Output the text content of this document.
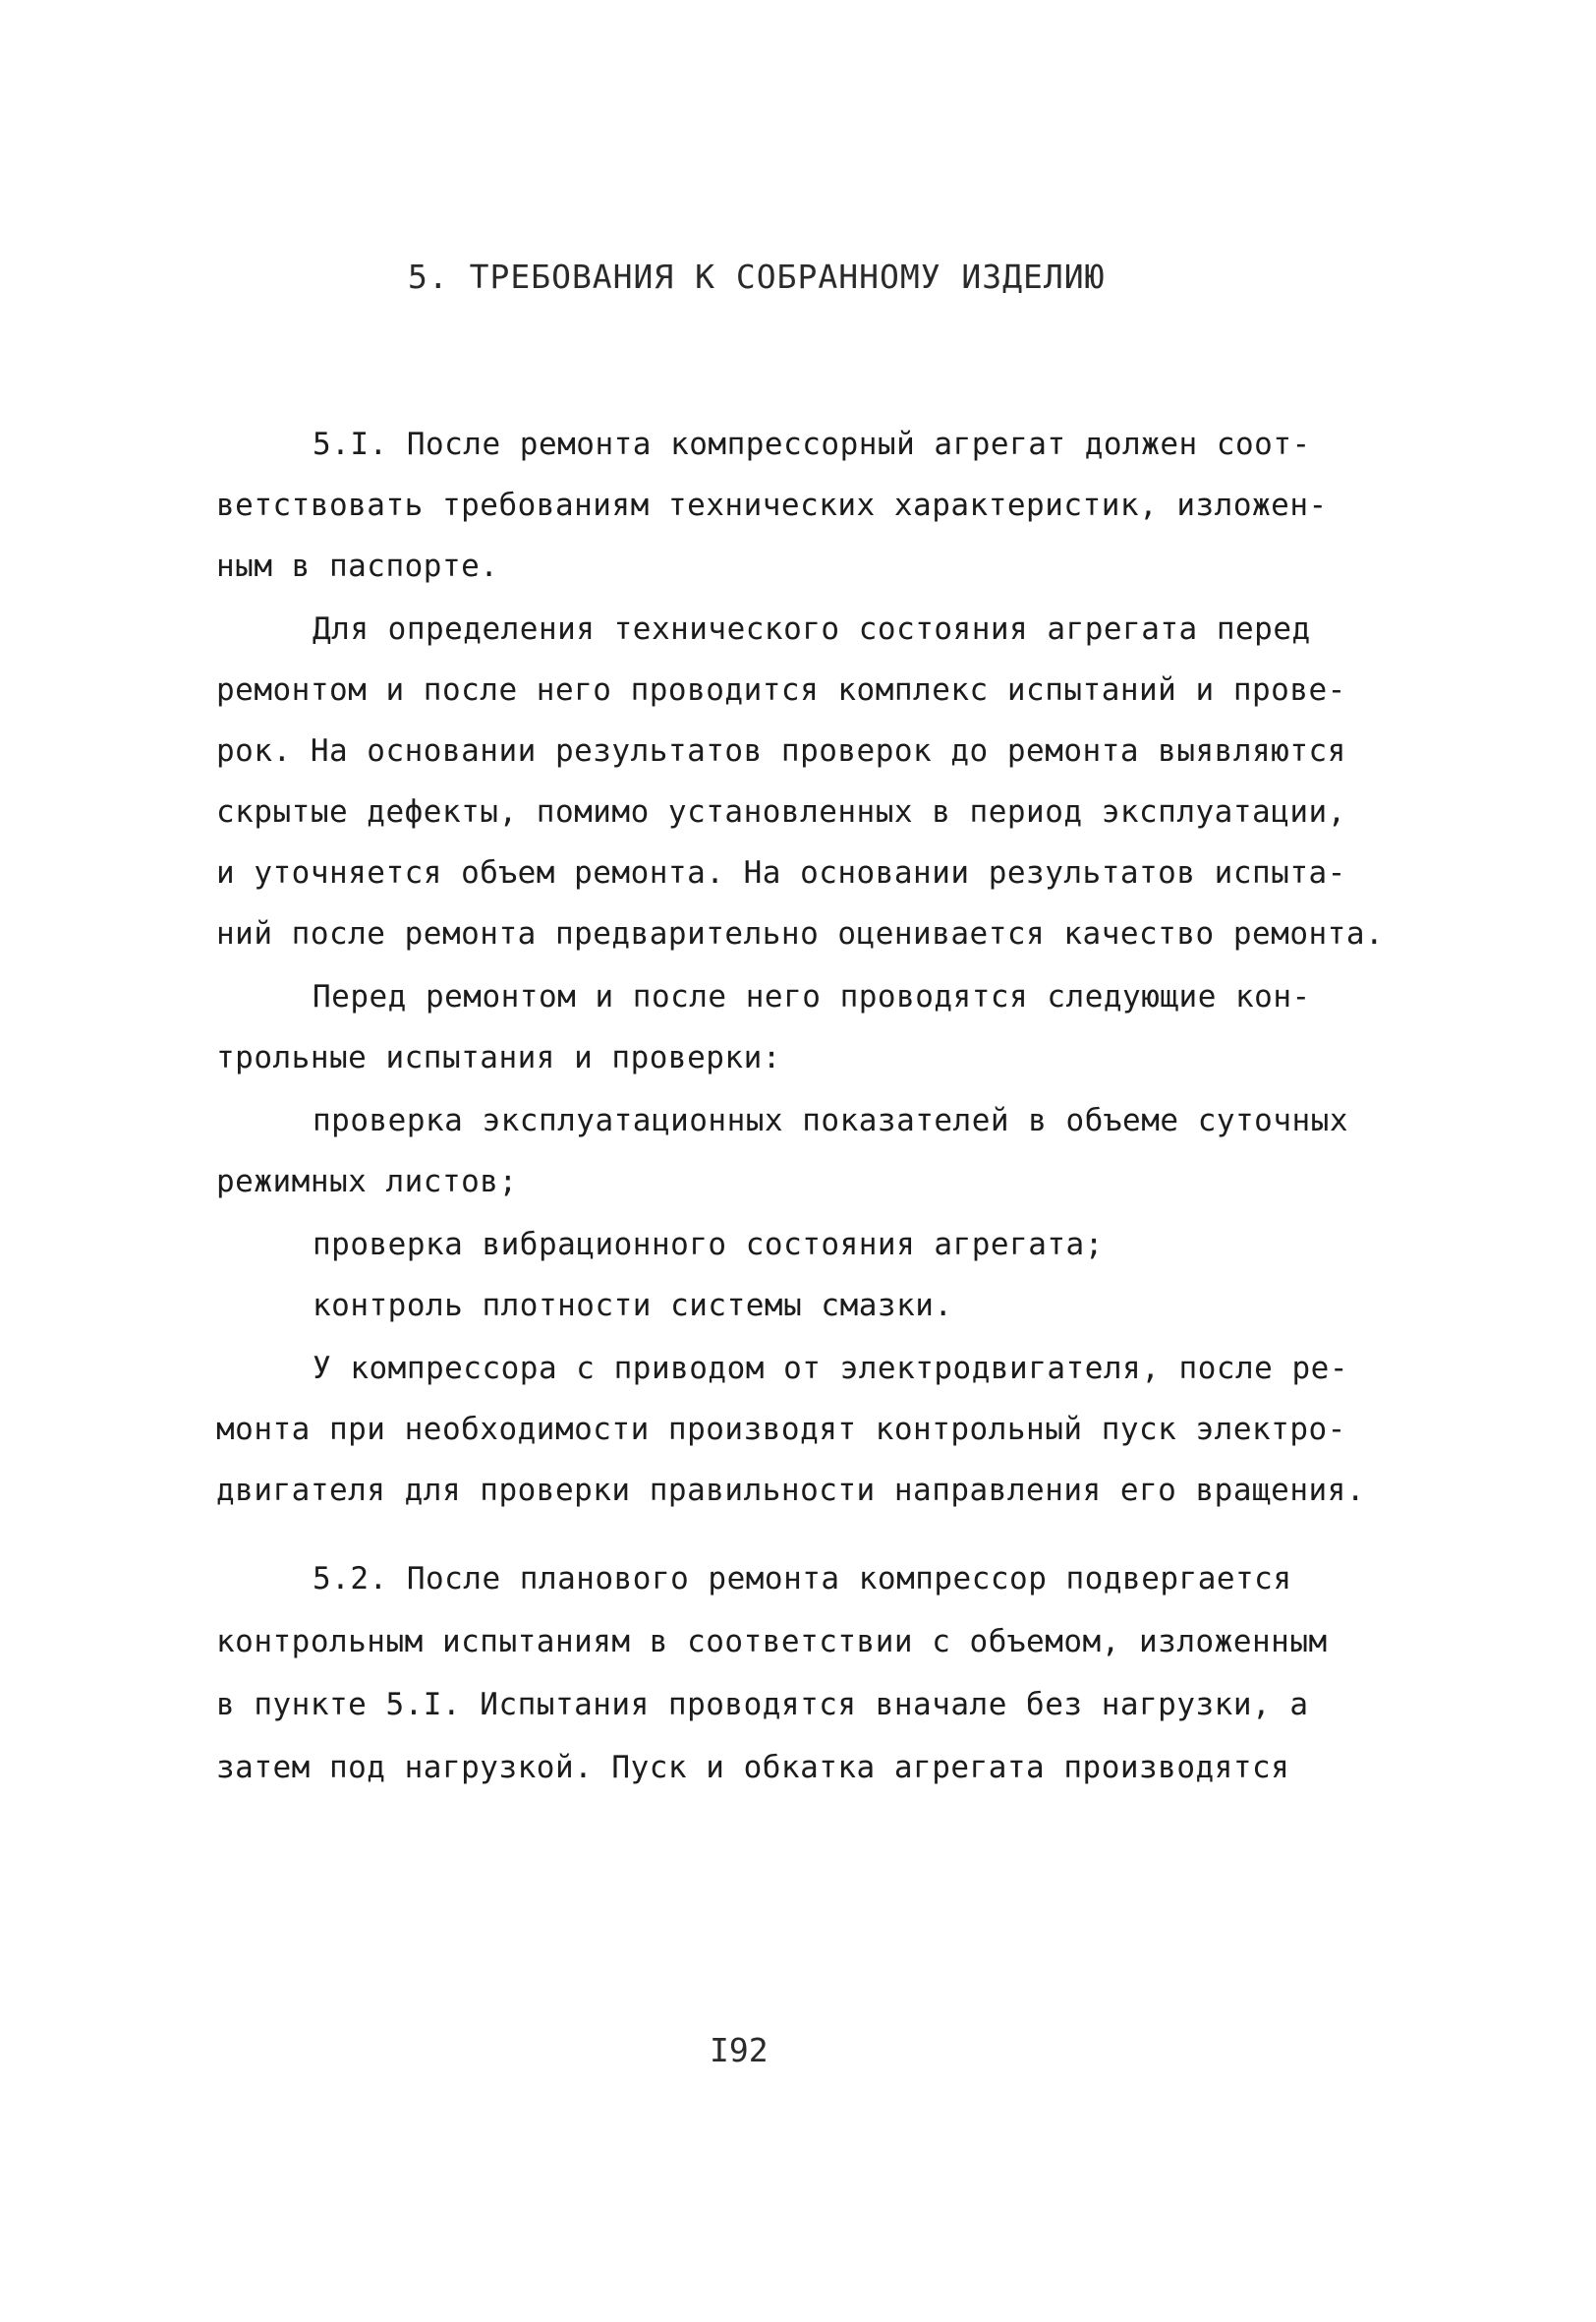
5. ТРЕБОВАНИЯ К СОБРАННОМУ ИЗДЕЛИЮ
5.I. После ремонта компрессорный агрегат должен соот-
ветствовать требованиям технических характеристик, изложен-
ным в паспорте.
Для определения технического состояния агрегата перед
ремонтом и после него проводится комплекс испытаний и прове-
рок. На основании результатов проверок до ремонта выявляются
скрытые дефекты, помимо установленных в период эксплуатации,
и уточняется объем ремонта. На основании результатов испыта-
ний после ремонта предварительно оценивается качество ремонта.
Перед ремонтом и после него проводятся следующие кон-
трольные испытания и проверки:
проверка эксплуатационных показателей в объеме суточных
режимных листов;
проверка вибрационного состояния агрегата;
контроль плотности системы смазки.
У компрессора с приводом от электродвигателя, после ре-
монта при необходимости производят контрольный пуск электро-
двигателя для проверки правильности направления его вращения.
5.2. После планового ремонта компрессор подвергается
контрольным испытаниям в соответствии с объемом, изложенным
в пункте 5.I. Испытания проводятся вначале без нагрузки, а
затем под нагрузкой. Пуск и обкатка агрегата производятся
I92
